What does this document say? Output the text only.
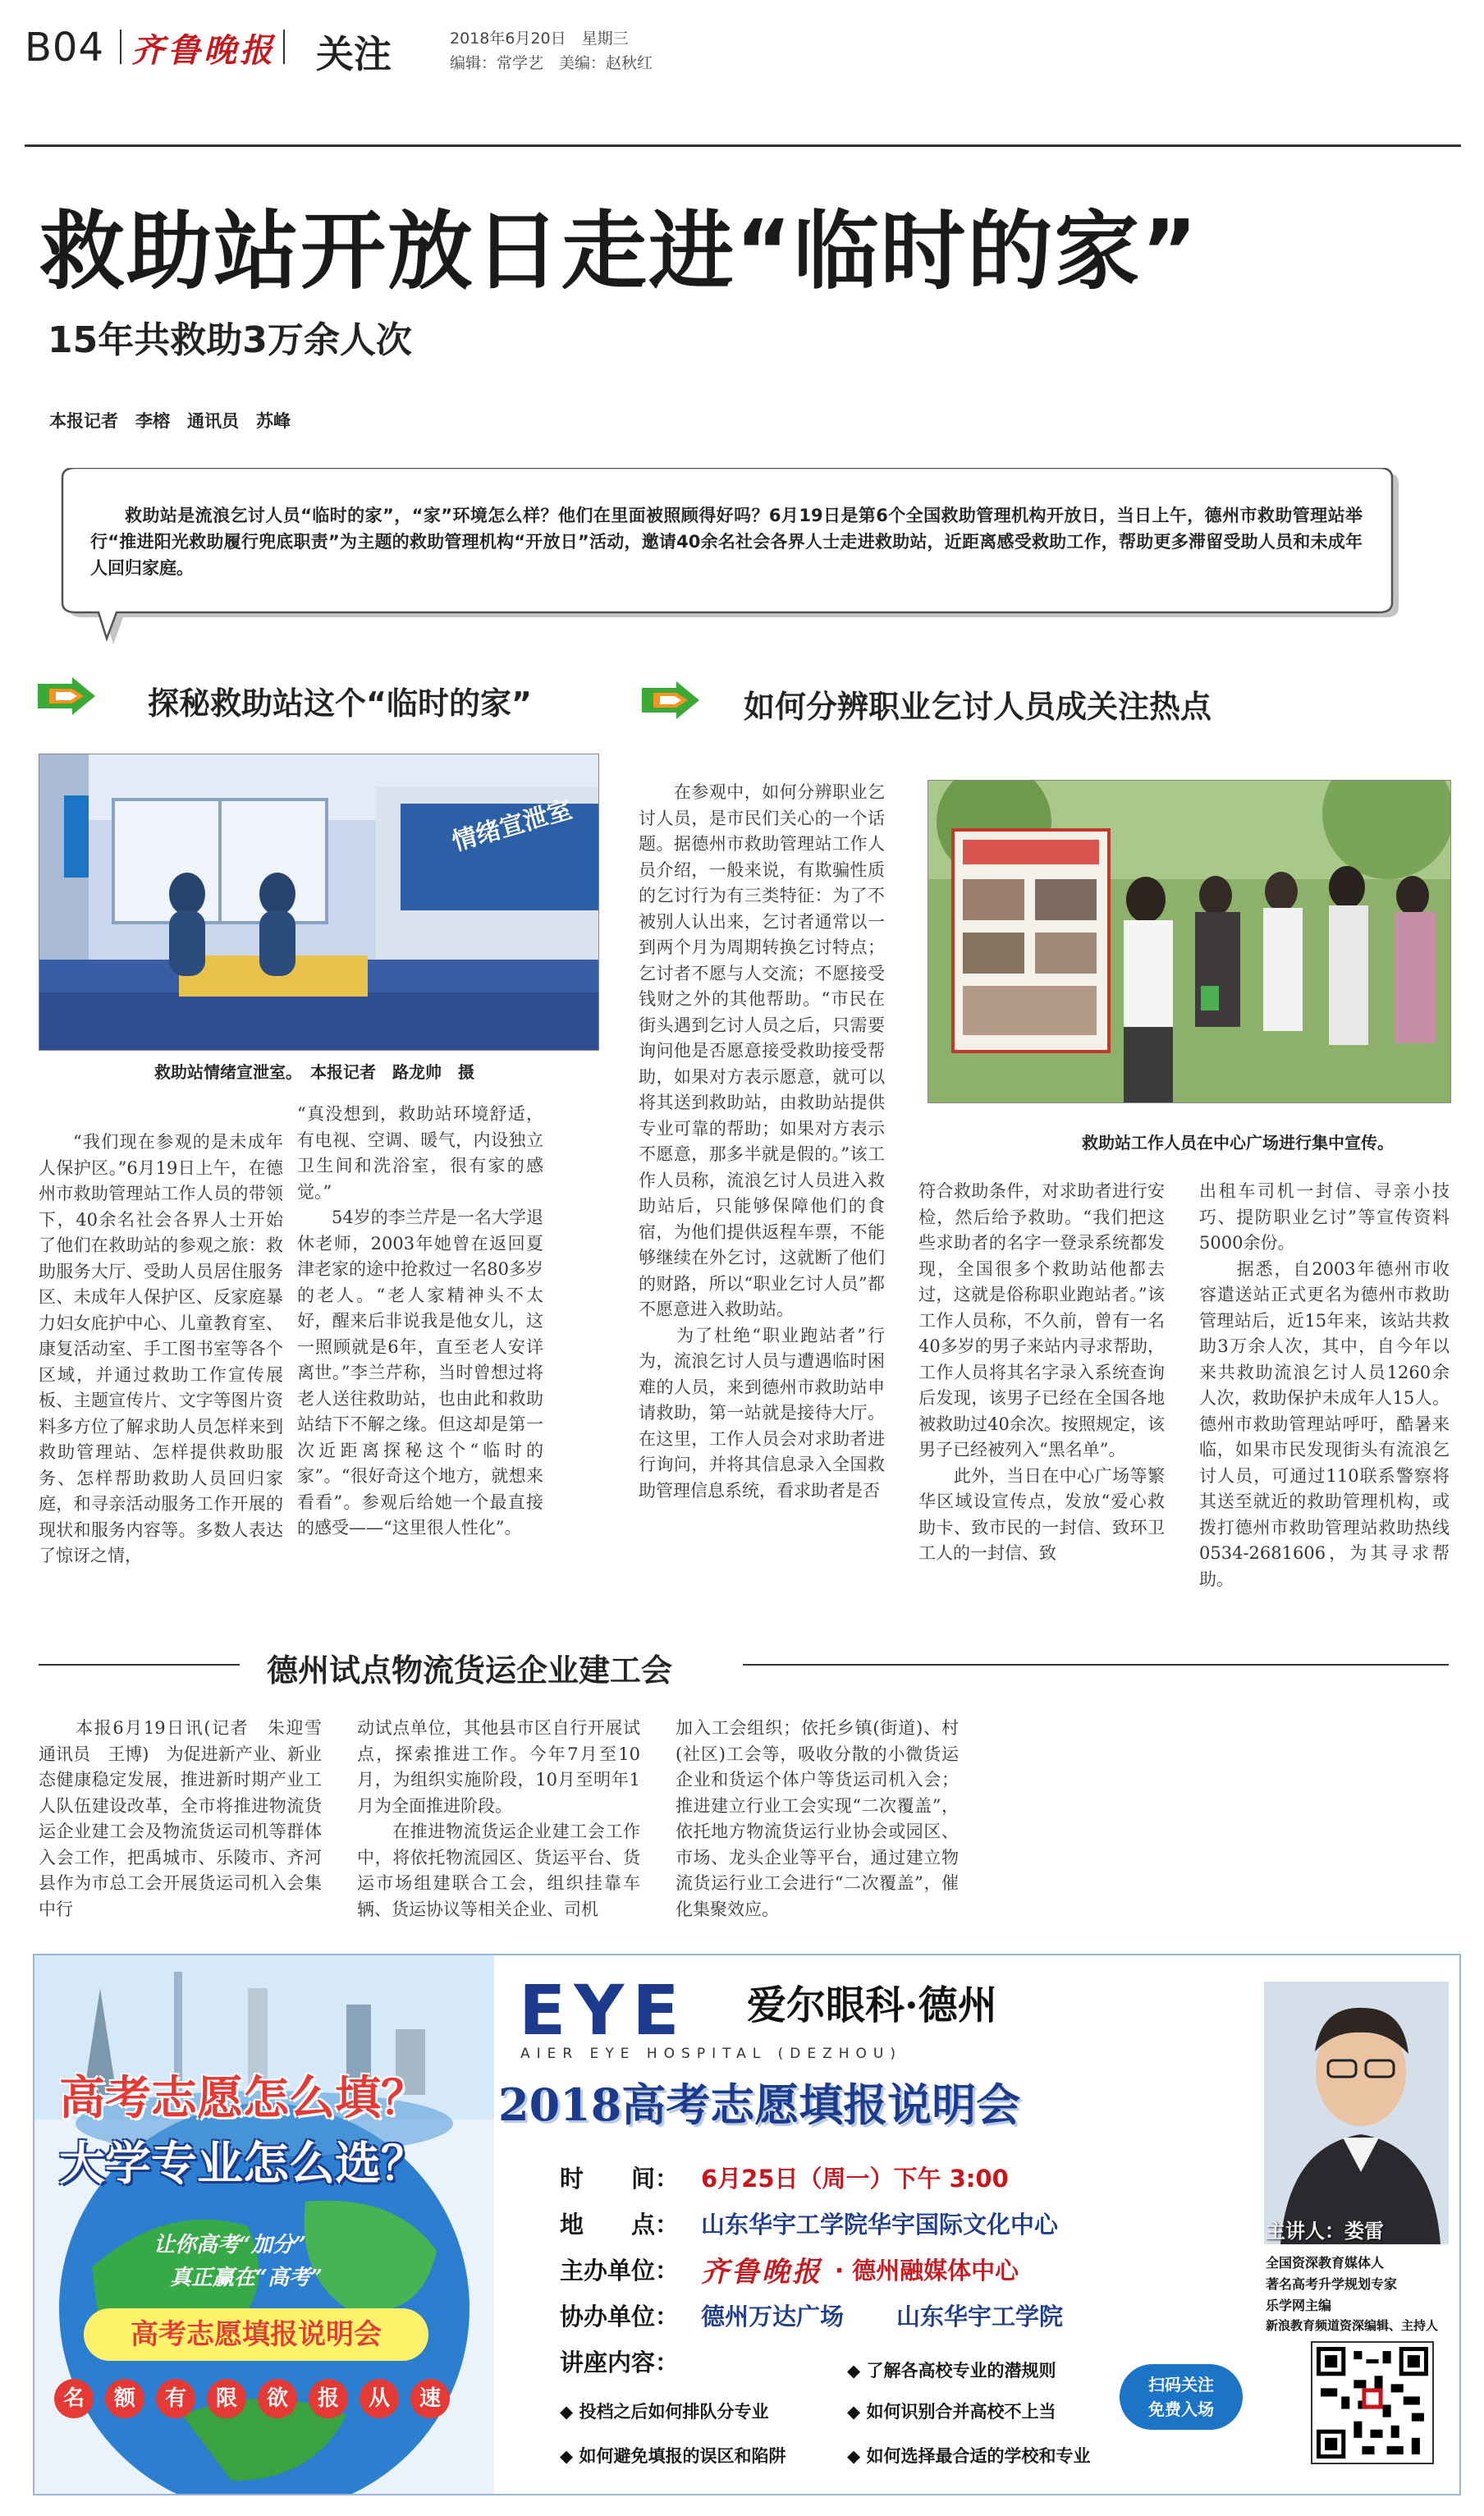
B04 齐鲁晚报 关注	2018年6月20日　 星期三
编辑：常学艺　 美编：赵秋红
救助站开放日走进“临时的家”
15年共救助3万余人次
本报记者　李榕　通讯员　苏峰
救助站是流浪乞讨人员“临时的家”，“家”环境怎么样？他们在里面被照顾得好吗？6月19日是第6个全国救助管理机构开放日，当日上午，德州市救助管理站举行“推进阳光救助履行兜底职责”为主题的救助管理机构“开放日”活动，邀请40余名社会各界人士走进救助站，近距离感受救助工作，帮助更多滞留受助人员和未成年人回归家庭。
探秘救助站这个“临时的家”	如何分辨职业乞讨人员成关注热点
情绪宣泄室
救助站情绪宣泄室。　本报记者　路龙帅　摄
救助站工作人员在中心广场进行集中宣传。
“我们现在参观的是未成年人保护区。”6月19日上午，在德州市救助管理站工作人员的带领下，40余名社会各界人士开始了他们在救助站的参观之旅：救助服务大厅、受助人员居住服务区、未成年人保护区、反家庭暴力妇女庇护中心、儿童教育室、康复活动室、手工图书室等各个区域，并通过救助工作宣传展板、主题宣传片、文字等图片资料多方位了解求助人员怎样来到救助管理站、怎样提供救助服务、怎样帮助救助人员回归家庭，和寻亲活动服务工作开展的现状和服务内容等。多数人表达了惊讶之情，
“真没想到，救助站环境舒适，有电视、空调、暖气，内设独立卫生间和洗浴室，很有家的感觉。”
　　54岁的李兰芹是一名大学退休老师，2003年她曾在返回夏津老家的途中抢救过一名80多岁的老人。“老人家精神头不太好，醒来后非说我是他女儿，这一照顾就是6年，直至老人安详离世。”李兰芹称，当时曾想过将老人送往救助站，也由此和救助站结下不解之缘。但这却是第一次近距离探秘这个“临时的家”。“很好奇这个地方，就想来看看”。参观后给她一个最直接的感受——“这里很人性化”。
　　在参观中，如何分辨职业乞讨人员，是市民们关心的一个话题。据德州市救助管理站工作人员介绍，一般来说，有欺骗性质的乞讨行为有三类特征：为了不被别人认出来，乞讨者通常以一到两个月为周期转换乞讨特点；乞讨者不愿与人交流；不愿接受钱财之外的其他帮助。“市民在街头遇到乞讨人员之后，只需要询问他是否愿意接受救助接受帮助，如果对方表示愿意，就可以将其送到救助站，由救助站提供专业可靠的帮助；如果对方表示不愿意，那多半就是假的。”该工作人员称，流浪乞讨人员进入救助站后，只能够保障他们的食宿，为他们提供返程车票，不能够继续在外乞讨，这就断了他们的财路，所以“职业乞讨人员”都不愿意进入救助站。
　　为了杜绝“职业跑站者”行为，流浪乞讨人员与遭遇临时困难的人员，来到德州市救助站申请救助，第一站就是接待大厅。在这里，工作人员会对求助者进行询问，并将其信息录入全国救助管理信息系统，看求助者是否
符合救助条件，对求助者进行安检，然后给予救助。“我们把这些求助者的名字一登录系统都发现，全国很多个救助站他都去过，这就是俗称职业跑站者。”该工作人员称，不久前，曾有一名40多岁的男子来站内寻求帮助，工作人员将其名字录入系统查询后发现，该男子已经在全国各地被救助过40余次。按照规定，该男子已经被列入“黑名单”。
　　此外，当日在中心广场等繁华区域设宣传点，发放“爱心救助卡、致市民的一封信、致环卫工人的一封信、致
出租车司机一封信、寻亲小技巧、提防职业乞讨”等宣传资料5000余份。
　　据悉，自2003年德州市收容遣送站正式更名为德州市救助管理站后，近15年来，该站共救助3万余人次，其中，自今年以来共救助流浪乞讨人员1260余人次，救助保护未成年人15人。德州市救助管理站呼吁，酷暑来临，如果市民发现街头有流浪乞讨人员，可通过110联系警察将其送至就近的救助管理机构，或拨打德州市救助管理站救助热线0534-2681606，为其寻求帮助。
德州试点物流货运企业建工会
　　本报6月19日讯(记者　朱迎雪　通讯员　王博)　为促进新产业、新业态健康稳定发展，推进新时期产业工人队伍建设改革，全市将推进物流货运企业建工会及物流货运司机等群体入会工作，把禹城市、乐陵市、齐河县作为市总工会开展货运司机入会集中行
动试点单位，其他县市区自行开展试点，探索推进工作。今年7月至10月，为组织实施阶段，10月至明年1月为全面推进阶段。
　　在推进物流货运企业建工会工作中，将依托物流园区、货运平台、货运市场组建联合工会，组织挂靠车辆、货运协议等相关企业、司机
加入工会组织；依托乡镇(街道)、村(社区)工会等，吸收分散的小微货运企业和货运个体户等货运司机入会；推进建立行业工会实现“二次覆盖”，依托地方物流货运行业协会或园区、市场、龙头企业等平台，通过建立物流货运行业工会进行“二次覆盖”，催化集聚效应。
高考志愿怎么填？
大学专业怎么选？
让你高考“加分”
真正赢在“高考”
高考志愿填报说明会
名	额	有	限	欲	报	从	速
EYE 爱尔眼科·德州
AIER EYE HOSPITAL (DEZHOU)
2018高考志愿填报说明会
时　　间： 6月25日（周一）下午 3:00
地　　点： 山东华宇工学院华宇国际文化中心
主办单位： 齐鲁晚报 · 德州融媒体中心
协办单位： 德州万达广场 山东华宇工学院
讲座内容：	◆ 了解各高校专业的潜规则
◆ 投档之后如何排队分专业	◆ 如何识别合并高校不上当
◆ 如何避免填报的误区和陷阱	◆ 如何选择最合适的学校和专业
主讲人：娄雷
全国资深教育媒体人
著名高考升学规划专家
乐学网主编
新浪教育频道资深编辑、主持人
扫码关注
免费入场
